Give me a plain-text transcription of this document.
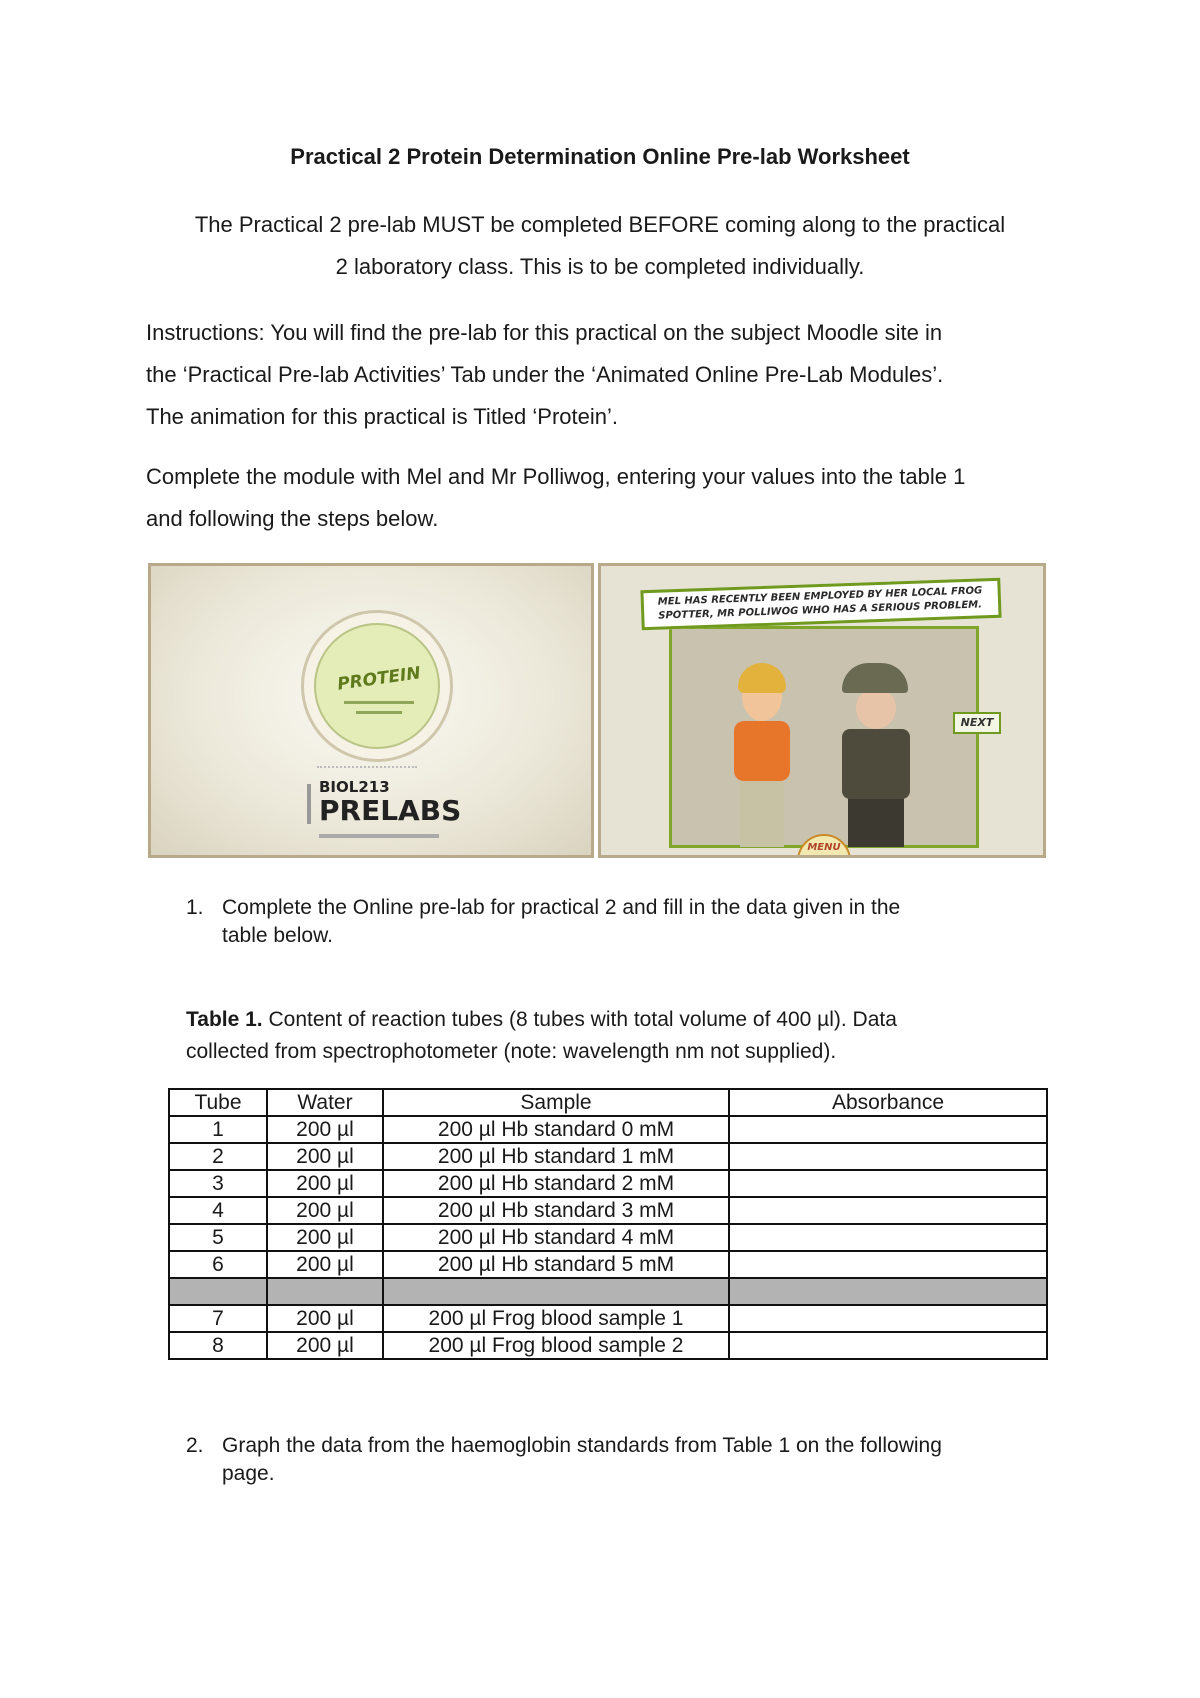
Practical 2 Protein Determination Online Pre-lab Worksheet
The Practical 2 pre-lab MUST be completed BEFORE coming along to the practical
2 laboratory class. This is to be completed individually.

Instructions: You will find the pre-lab for this practical on the subject Moodle site in

the ‘Practical Pre-lab Activities’ Tab under the ‘Animated Online Pre-Lab Modules’.

The animation for this practical is Titled ‘Protein’.

Complete the module with Mel and Mr Polliwog, entering your values into the table 1

and following the steps below.

PROTEIN
BIOL213
PRELABS
MEL HAS RECENTLY BEEN EMPLOYED BY HER LOCAL FROG SPOTTER, MR POLLIWOG WHO HAS A SERIOUS PROBLEM.
NEXT
MENU
1. Complete the Online pre-lab for practical 2 and fill in the data given in the
table below.
Table 1. Content of reaction tubes (8 tubes with total volume of 400 µl). Data
collected from spectrophotometer (note: wavelength nm not supplied).
Tube	Water	Sample	Absorbance
1	200 µl	200 µl Hb standard 0 mM	
2	200 µl	200 µl Hb standard 1 mM	
3	200 µl	200 µl Hb standard 2 mM	
4	200 µl	200 µl Hb standard 3 mM	
5	200 µl	200 µl Hb standard 4 mM	
6	200 µl	200 µl Hb standard 5 mM	

7	200 µl	200 µl Frog blood sample 1	
8	200 µl	200 µl Frog blood sample 2	
2. Graph the data from the haemoglobin standards from Table 1 on the following
page.
